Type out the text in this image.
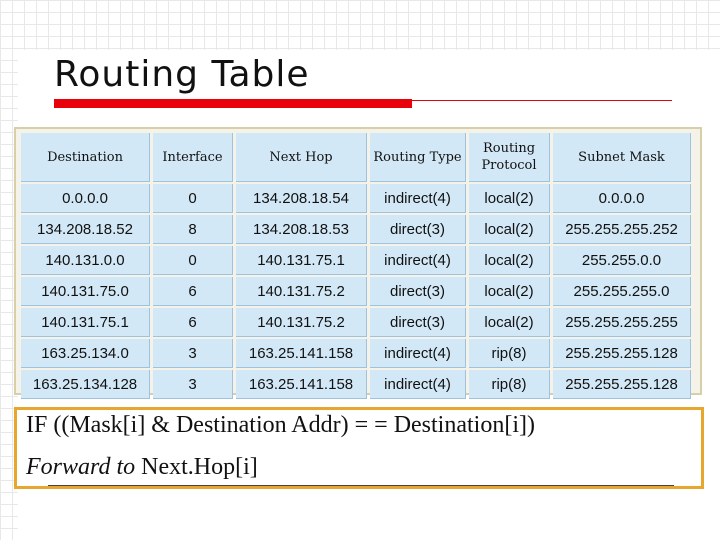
Routing Table
Destination	Interface	Next Hop	Routing Type	Routing Protocol	Subnet Mask
0.0.0.0	0	134.208.18.54	indirect(4)	local(2)	0.0.0.0
134.208.18.52	8	134.208.18.53	direct(3)	local(2)	255.255.255.252
140.131.0.0	0	140.131.75.1	indirect(4)	local(2)	255.255.0.0
140.131.75.0	6	140.131.75.2	direct(3)	local(2)	255.255.255.0
140.131.75.1	6	140.131.75.2	direct(3)	local(2)	255.255.255.255
163.25.134.0	3	163.25.141.158	indirect(4)	rip(8)	255.255.255.128
163.25.134.128	3	163.25.141.158	indirect(4)	rip(8)	255.255.255.128
IF ((Mask[i] & Destination Addr) = = Destination[i])
Forward to Next.Hop[i]
